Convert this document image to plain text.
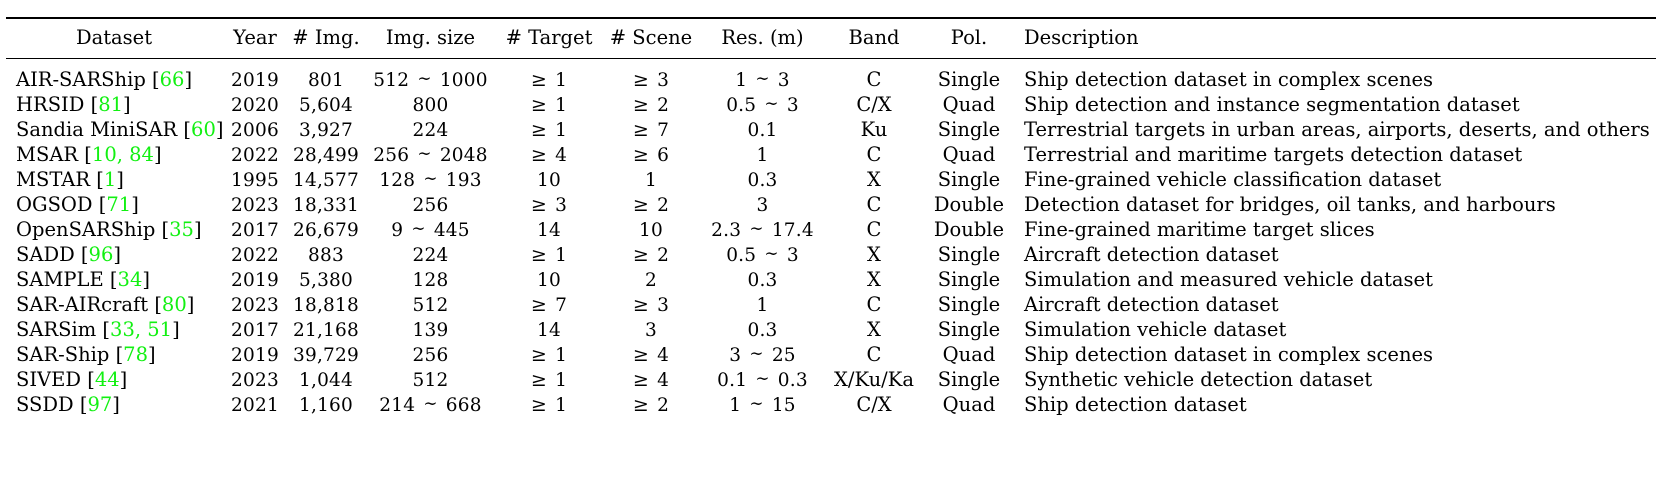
Dataset	Year	# Img.	Img. size	# Target	# Scene	Res. (m)	Band	Pol.	Description
AIR-SARShip [66]	2019	801	512 ∼ 1000	≥ 1	≥ 3	1 ∼ 3	C	Single	Ship detection dataset in complex scenes
HRSID [81]	2020	5,604	800	≥ 1	≥ 2	0.5 ∼ 3	C/X	Quad	Ship detection and instance segmentation dataset
Sandia MiniSAR [60]	2006	3,927	224	≥ 1	≥ 7	0.1	Ku	Single	Terrestrial targets in urban areas, airports, deserts, and others
MSAR [10, 84]	2022	28,499	256 ∼ 2048	≥ 4	≥ 6	1	C	Quad	Terrestrial and maritime targets detection dataset
MSTAR [1]	1995	14,577	128 ∼ 193	10	1	0.3	X	Single	Fine-grained vehicle classification dataset
OGSOD [71]	2023	18,331	256	≥ 3	≥ 2	3	C	Double	Detection dataset for bridges, oil tanks, and harbours
OpenSARShip [35]	2017	26,679	9 ∼ 445	14	10	2.3 ∼ 17.4	C	Double	Fine-grained maritime target slices
SADD [96]	2022	883	224	≥ 1	≥ 2	0.5 ∼ 3	X	Single	Aircraft detection dataset
SAMPLE [34]	2019	5,380	128	10	2	0.3	X	Single	Simulation and measured vehicle dataset
SAR-AIRcraft [80]	2023	18,818	512	≥ 7	≥ 3	1	C	Single	Aircraft detection dataset
SARSim [33, 51]	2017	21,168	139	14	3	0.3	X	Single	Simulation vehicle dataset
SAR-Ship [78]	2019	39,729	256	≥ 1	≥ 4	3 ∼ 25	C	Quad	Ship detection dataset in complex scenes
SIVED [44]	2023	1,044	512	≥ 1	≥ 4	0.1 ∼ 0.3	X/Ku/Ka	Single	Synthetic vehicle detection dataset
SSDD [97]	2021	1,160	214 ∼ 668	≥ 1	≥ 2	1 ∼ 15	C/X	Quad	Ship detection dataset
